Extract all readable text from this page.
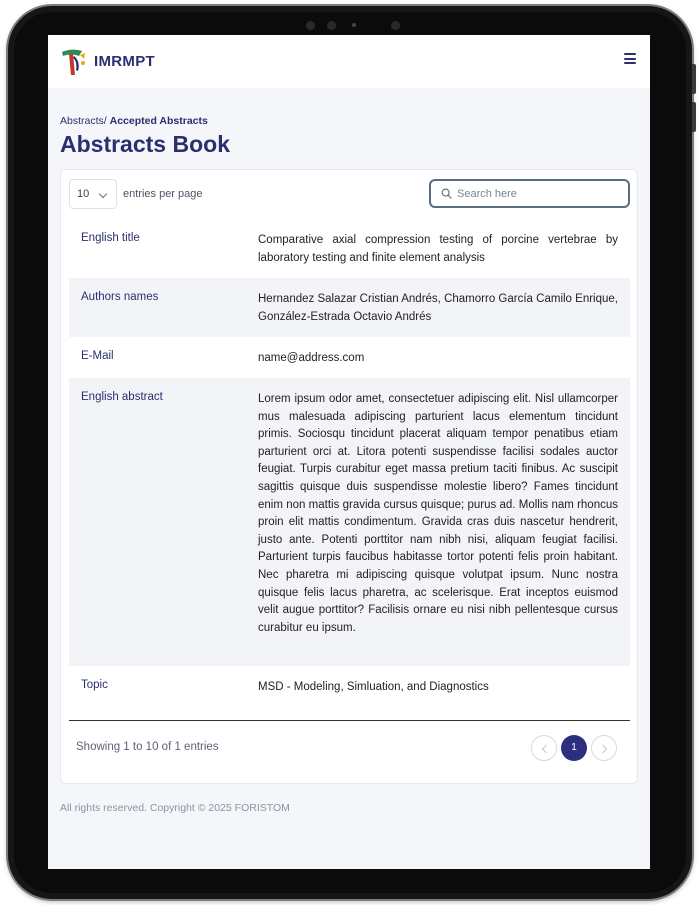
IMRMPT
Abstracts/ Accepted Abstracts
Abstracts Book
10	entries per page
Search here
English title	Comparative axial compression testing of porcine vertebrae by laboratory testing and finite element analysis
Authors names	Hernandez Salazar Cristian Andrés, Chamorro García Camilo Enrique, González-Estrada Octavio Andrés
E-Mail	name@address.com
English abstract	Lorem ipsum odor amet, consectetuer adipiscing elit. Nisl ullamcorper mus malesuada adipiscing parturient lacus elementum tincidunt primis. Sociosqu tincidunt placerat aliquam tempor penatibus etiam parturient orci at. Litora potenti suspendisse facilisi sodales auctor feugiat. Turpis curabitur eget massa pretium taciti finibus. Ac suscipit sagittis quisque duis suspendisse molestie libero? Fames tincidunt enim non mattis gravida cursus quisque; purus ad. Mollis nam rhoncus proin elit mattis condimentum. Gravida cras duis nascetur hendrerit, justo ante. Potenti porttitor nam nibh nisi, aliquam feugiat facilisi. Parturient turpis faucibus habitasse tortor potenti felis proin habitant. Nec pharetra mi adipiscing quisque volutpat ipsum. Nunc nostra quisque felis lacus pharetra, ac scelerisque. Erat inceptos euismod velit augue porttitor? Facilisis ornare eu nisi nibh pellentesque cursus curabitur eu ipsum.
Topic	MSD - Modeling, Simluation, and Diagnostics
Showing 1 to 10 of 1 entries	1
All rights reserved. Copyright © 2025 FORISTOM
